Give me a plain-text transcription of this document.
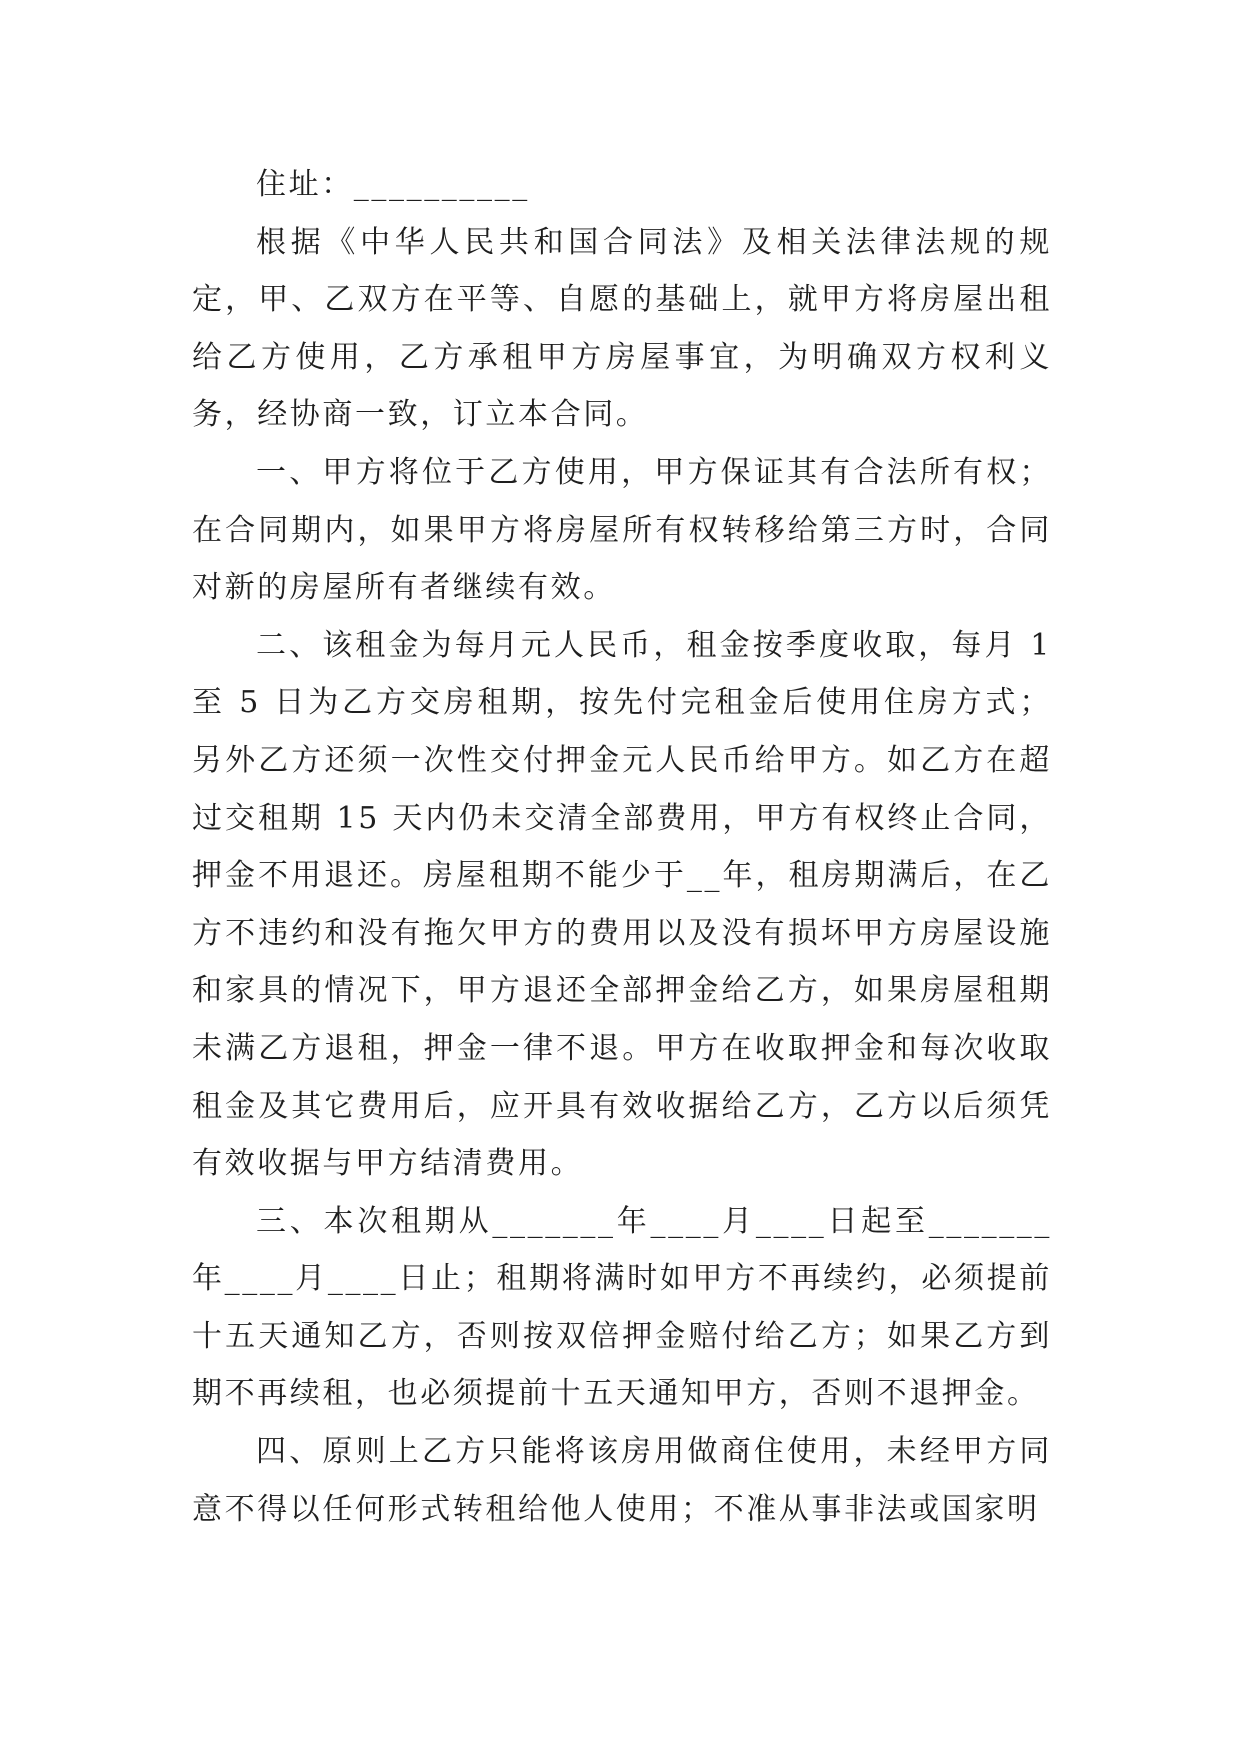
住址：__________

根据《中华人民共和国合同法》及相关法律法规的规定，甲、乙双方在平等、自愿的基础上，就甲方将房屋出租给乙方使用，乙方承租甲方房屋事宜，为明确双方权利义务，经协商一致，订立本合同。

一、甲方将位于乙方使用，甲方保证其有合法所有权；在合同期内，如果甲方将房屋所有权转移给第三方时，合同对新的房屋所有者继续有效。

二、该租金为每月元人民币，租金按季度收取，每月 1 至 5 日为乙方交房租期，按先付完租金后使用住房方式；另外乙方还须一次性交付押金元人民币给甲方。如乙方在超过交租期 15 天内仍未交清全部费用，甲方有权终止合同，押金不用退还。房屋租期不能少于__年，租房期满后，在乙方不违约和没有拖欠甲方的费用以及没有损坏甲方房屋设施和家具的情况下，甲方退还全部押金给乙方，如果房屋租期未满乙方退租，押金一律不退。甲方在收取押金和每次收取租金及其它费用后，应开具有效收据给乙方，乙方以后须凭有效收据与甲方结清费用。

三、本次租期从_______年____月____日起至_______年____月____日止；租期将满时如甲方不再续约，必须提前十五天通知乙方，否则按双倍押金赔付给乙方；如果乙方到期不再续租，也必须提前十五天通知甲方，否则不退押金。

四、原则上乙方只能将该房用做商住使用，未经甲方同意不得以任何形式转租给他人使用；不准从事非法或国家明
